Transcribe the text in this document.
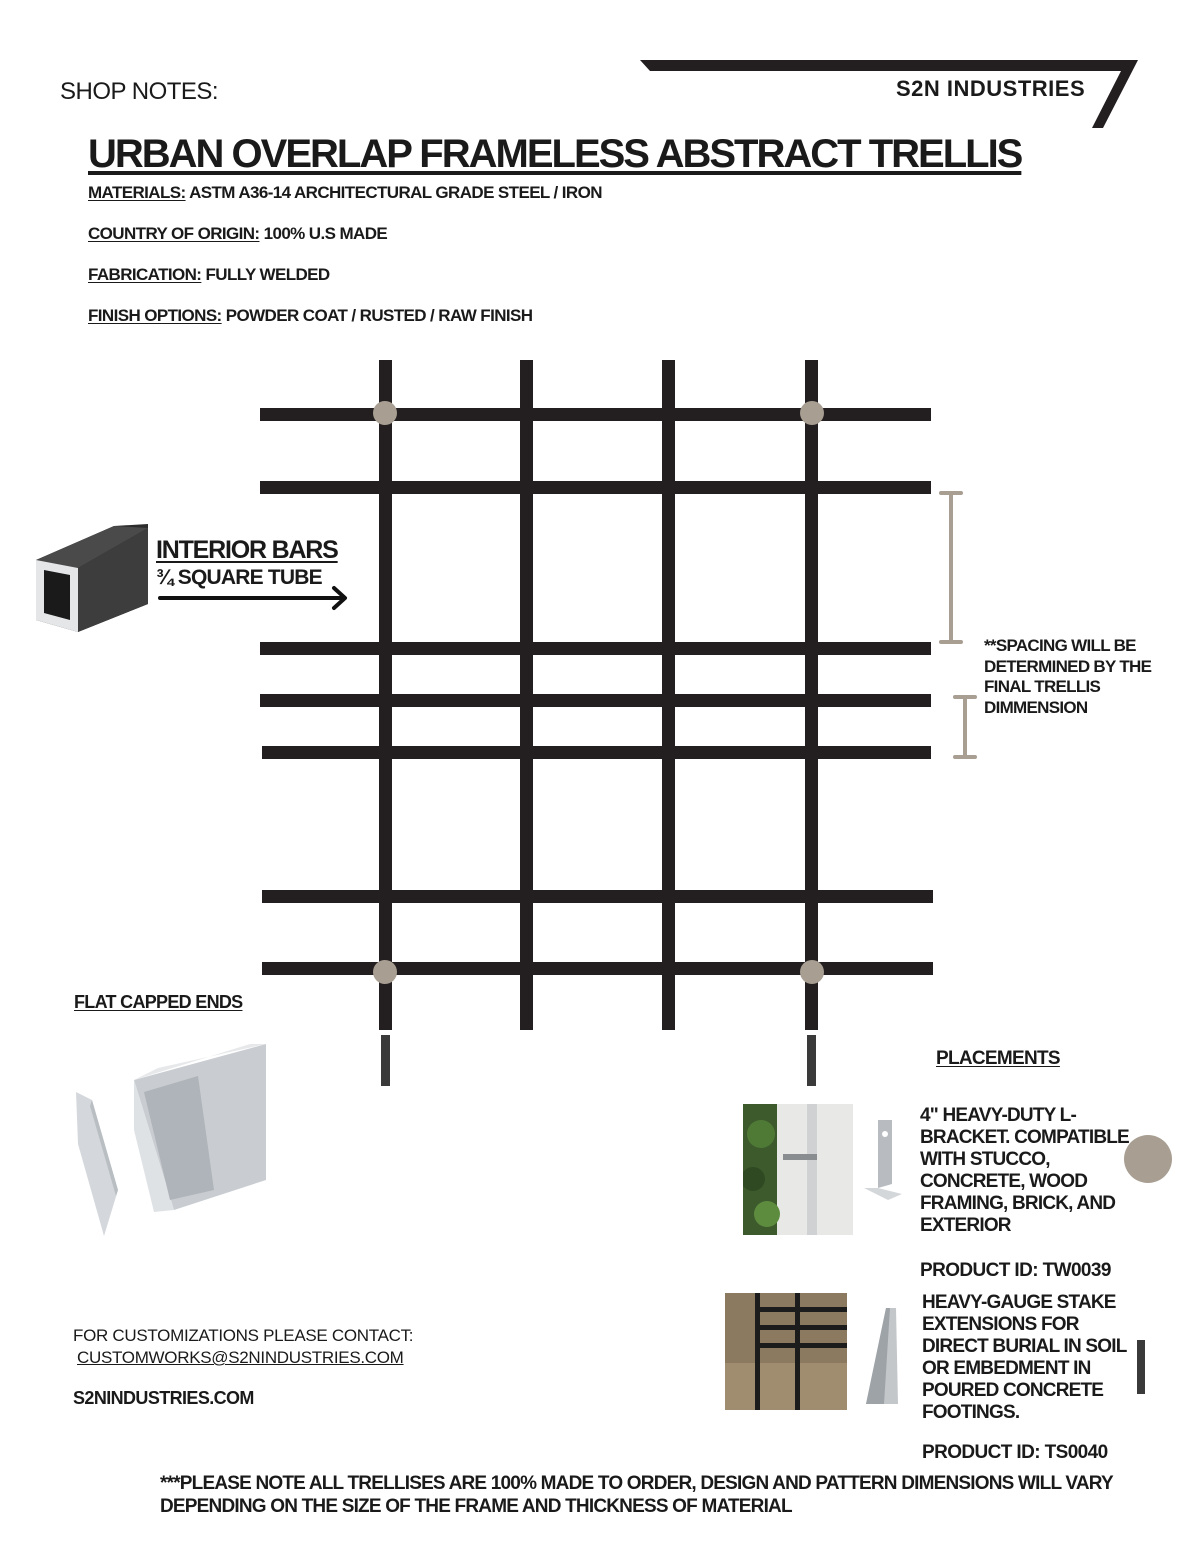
SHOP NOTES:	S2N INDUSTRIES
URBAN OVERLAP FRAMELESS ABSTRACT TRELLIS
MATERIALS: ASTM A36-14 ARCHITECTURAL GRADE STEEL / IRON
COUNTRY OF ORIGIN: 100% U.S MADE
FABRICATION: FULLY WELDED
FINISH OPTIONS: POWDER COAT / RUSTED / RAW FINISH
INTERIOR BARS
¾ SQUARE TUBE
**SPACING WILL BE DETERMINED BY THE FINAL TRELLIS DIMMENSION
FLAT CAPPED ENDS
PLACEMENTS
4" HEAVY-DUTY L-BRACKET. COMPATIBLE WITH STUCCO, CONCRETE, WOOD FRAMING, BRICK, AND EXTERIOR
PRODUCT ID: TW0039
HEAVY-GAUGE STAKE EXTENSIONS FOR DIRECT BURIAL IN SOIL OR EMBEDMENT IN POURED CONCRETE FOOTINGS.
PRODUCT ID: TS0040
FOR CUSTOMIZATIONS PLEASE CONTACT:
CUSTOMWORKS@S2NINDUSTRIES.COM
S2NINDUSTRIES.COM
***PLEASE NOTE ALL TRELLISES ARE 100% MADE TO ORDER, DESIGN AND PATTERN DIMENSIONS WILL VARY DEPENDING ON THE SIZE OF THE FRAME AND THICKNESS OF MATERIAL
